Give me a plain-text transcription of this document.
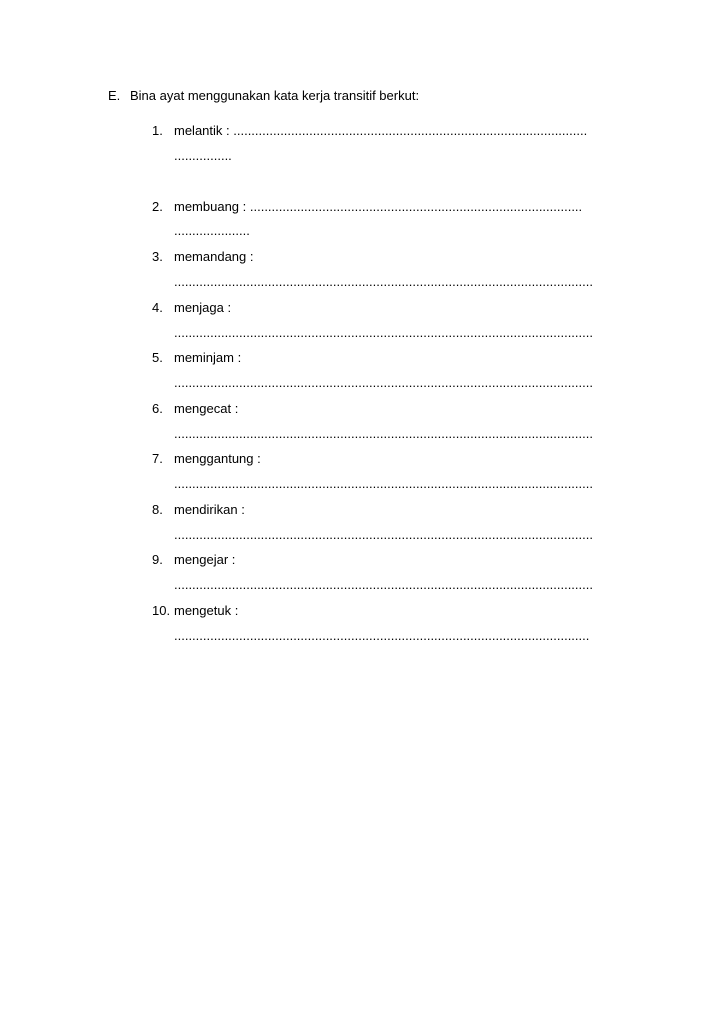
E. Bina ayat menggunakan kata kerja transitif berkut:
1. melantik : ..................................................................................................
................
2. membuang : ............................................................................................
.....................
3. memandang :
....................................................................................................................
4. menjaga :
....................................................................................................................
5. meminjam :
....................................................................................................................
6. mengecat :
....................................................................................................................
7. menggantung :
....................................................................................................................
8. mendirikan :
....................................................................................................................
9. mengejar :
....................................................................................................................
10. mengetuk :
...................................................................................................................
